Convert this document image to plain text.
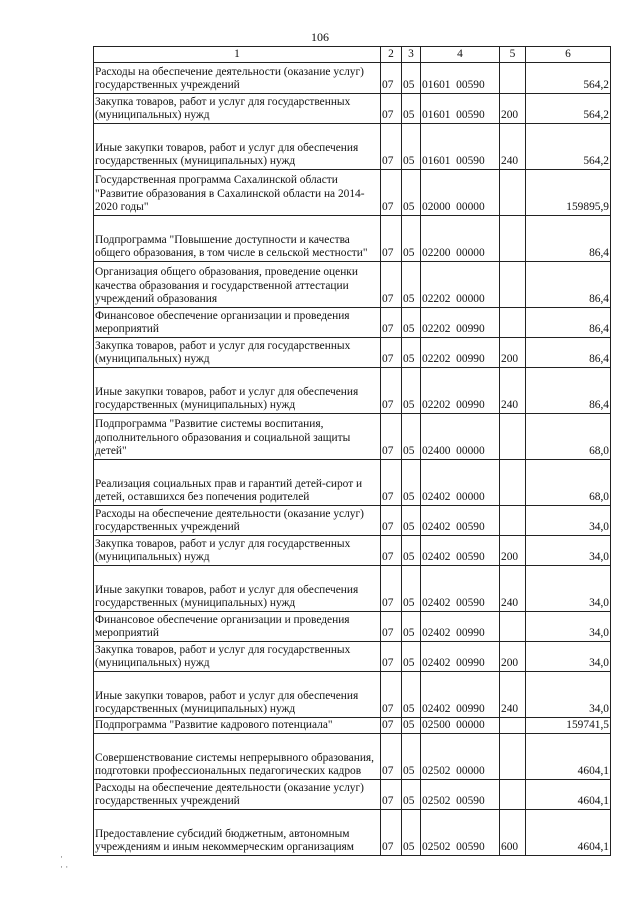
106
1	2	3	4	5	6
Расходы на обеспечение деятельности (оказание услуг) государственных учреждений	07	05	01601  00590		564,2
Закупка товаров, работ и услуг для государственных (муниципальных) нужд	07	05	01601  00590	200	564,2
Иные закупки товаров, работ и услуг для обеспечения государственных (муниципальных) нужд	07	05	01601  00590	240	564,2
Государственная программа Сахалинской области "Развитие образования в Сахалинской области на 2014-2020 годы"	07	05	02000  00000		159895,9
Подпрограмма "Повышение доступности и качества общего образования, в том числе в сельской местности"	07	05	02200  00000		86,4
Организация общего образования, проведение оценки качества образования и государственной аттестации учреждений образования	07	05	02202  00000		86,4
Финансовое обеспечение организации и проведения мероприятий	07	05	02202  00990		86,4
Закупка товаров, работ и услуг для государственных (муниципальных) нужд	07	05	02202  00990	200	86,4
Иные закупки товаров, работ и услуг для обеспечения государственных (муниципальных) нужд	07	05	02202  00990	240	86,4
Подпрограмма "Развитие системы воспитания, дополнительного образования и социальной защиты детей"	07	05	02400  00000		68,0
Реализация социальных прав и гарантий детей-сирот и детей, оставшихся без попечения родителей	07	05	02402  00000		68,0
Расходы на обеспечение деятельности (оказание услуг) государственных учреждений	07	05	02402  00590		34,0
Закупка товаров, работ и услуг для государственных (муниципальных) нужд	07	05	02402  00590	200	34,0
Иные закупки товаров, работ и услуг для обеспечения государственных (муниципальных) нужд	07	05	02402  00590	240	34,0
Финансовое обеспечение организации и проведения мероприятий	07	05	02402  00990		34,0
Закупка товаров, работ и услуг для государственных (муниципальных) нужд	07	05	02402  00990	200	34,0
Иные закупки товаров, работ и услуг для обеспечения государственных (муниципальных) нужд	07	05	02402  00990	240	34,0
Подпрограмма "Развитие кадрового потенциала"	07	05	02500  00000		159741,5
Совершенствование системы непрерывного образования, подготовки профессиональных педагогических кадров	07	05	02502  00000		4604,1
Расходы на обеспечение деятельности (оказание услуг) государственных учреждений	07	05	02502  00590		4604,1
Предоставление субсидий бюджетным, автономным учреждениям и иным некоммерческим организациям	07	05	02502  00590	600	4604,1
·
· ·
